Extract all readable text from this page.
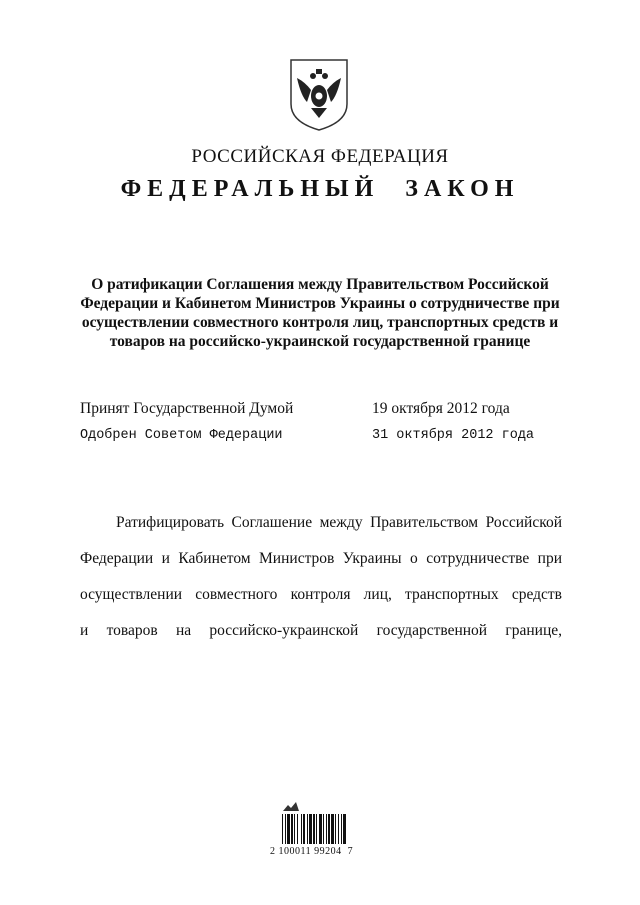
РОССИЙСКАЯ ФЕДЕРАЦИЯ
ФЕДЕРАЛЬНЫЙ ЗАКОН
О ратификации Соглашения между Правительством Российской
Федерации и Кабинетом Министров Украины о сотрудничестве при
осуществлении совместного контроля лиц, транспортных средств и
товаров на российско-украинской государственной границе
Принят Государственной Думой	19 октября 2012 года
Одобрен Советом Федерации	31 октября 2012 года
Ратифицировать Соглашение между Правительством Российской
Федерации и Кабинетом Министров Украины о сотрудничестве при
осуществлении совместного контроля лиц, транспортных средств
и товаров на российско-украинской государственной границе,
2 100011 99204  7
